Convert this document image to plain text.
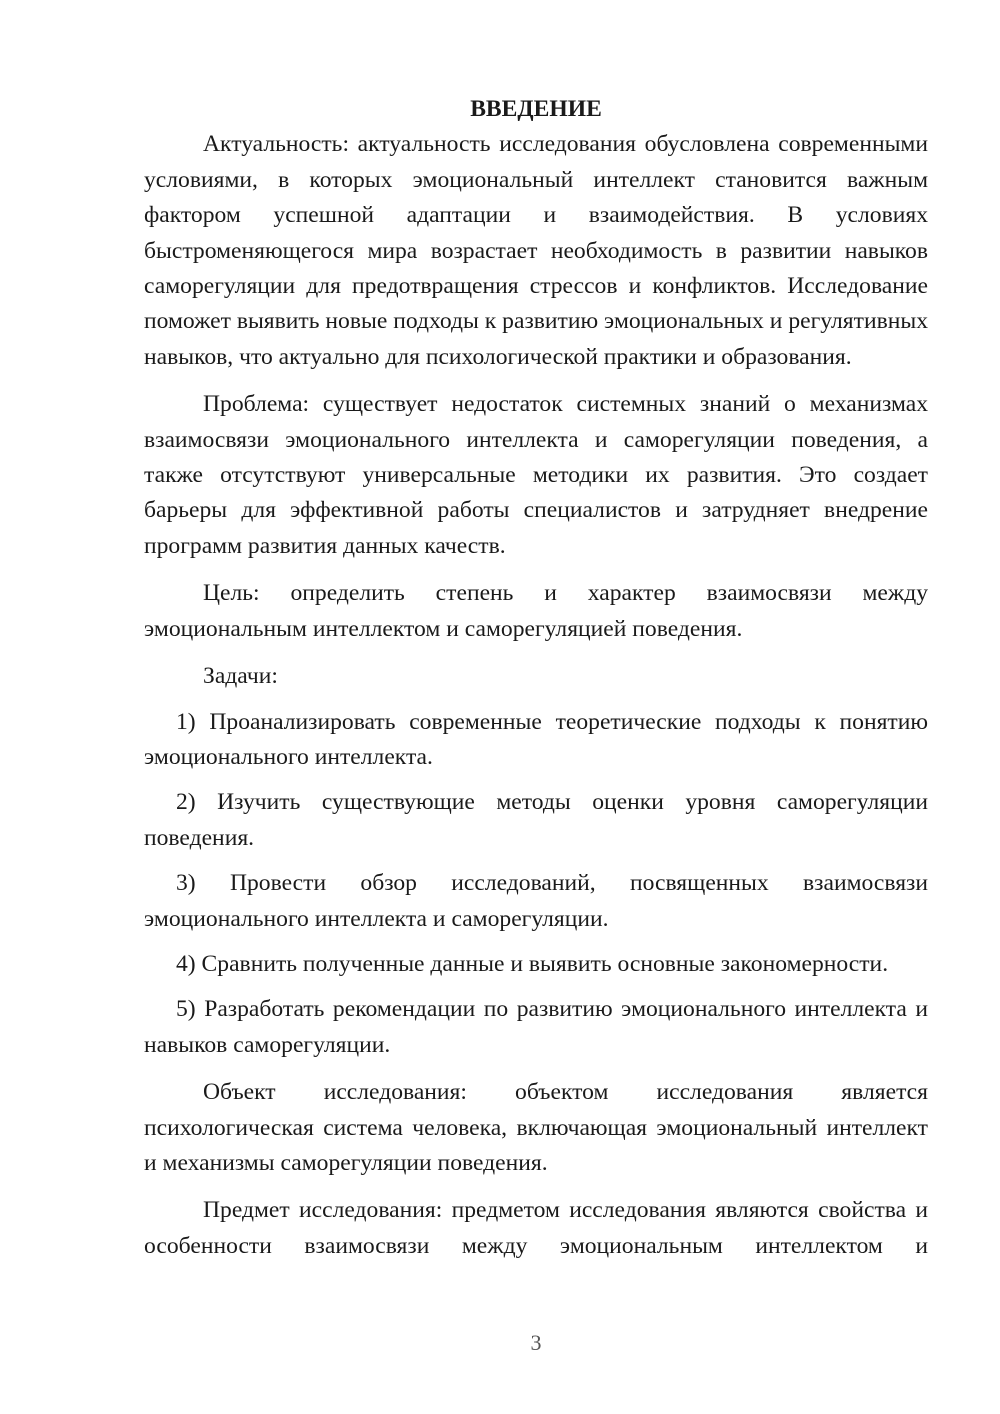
ВВЕДЕНИЕ

Актуальность: актуальность исследования обусловлена современными условиями, в которых эмоциональный интеллект становится важным фактором успешной адаптации и взаимодействия. В условиях быстроменяющегося мира возрастает необходимость в развитии навыков саморегуляции для предотвращения стрессов и конфликтов. Исследование поможет выявить новые подходы к развитию эмоциональных и регулятивных навыков, что актуально для психологической практики и образования.

Проблема: существует недостаток системных знаний о механизмах взаимосвязи эмоционального интеллекта и саморегуляции поведения, а также отсутствуют универсальные методики их развития. Это создает барьеры для эффективной работы специалистов и затрудняет внедрение программ развития данных качеств.

Цель: определить степень и характер взаимосвязи между эмоциональным интеллектом и саморегуляцией поведения.

Задачи:

1) Проанализировать современные теоретические подходы к понятию эмоционального интеллекта.

2) Изучить существующие методы оценки уровня саморегуляции поведения.

3) Провести обзор исследований, посвященных взаимосвязи эмоционального интеллекта и саморегуляции.

4) Сравнить полученные данные и выявить основные закономерности.

5) Разработать рекомендации по развитию эмоционального интеллекта и навыков саморегуляции.

Объект исследования: объектом исследования является психологическая система человека, включающая эмоциональный интеллект и механизмы саморегуляции поведения.

Предмет исследования: предметом исследования являются свойства и особенности взаимосвязи между эмоциональным интеллектом и

3
